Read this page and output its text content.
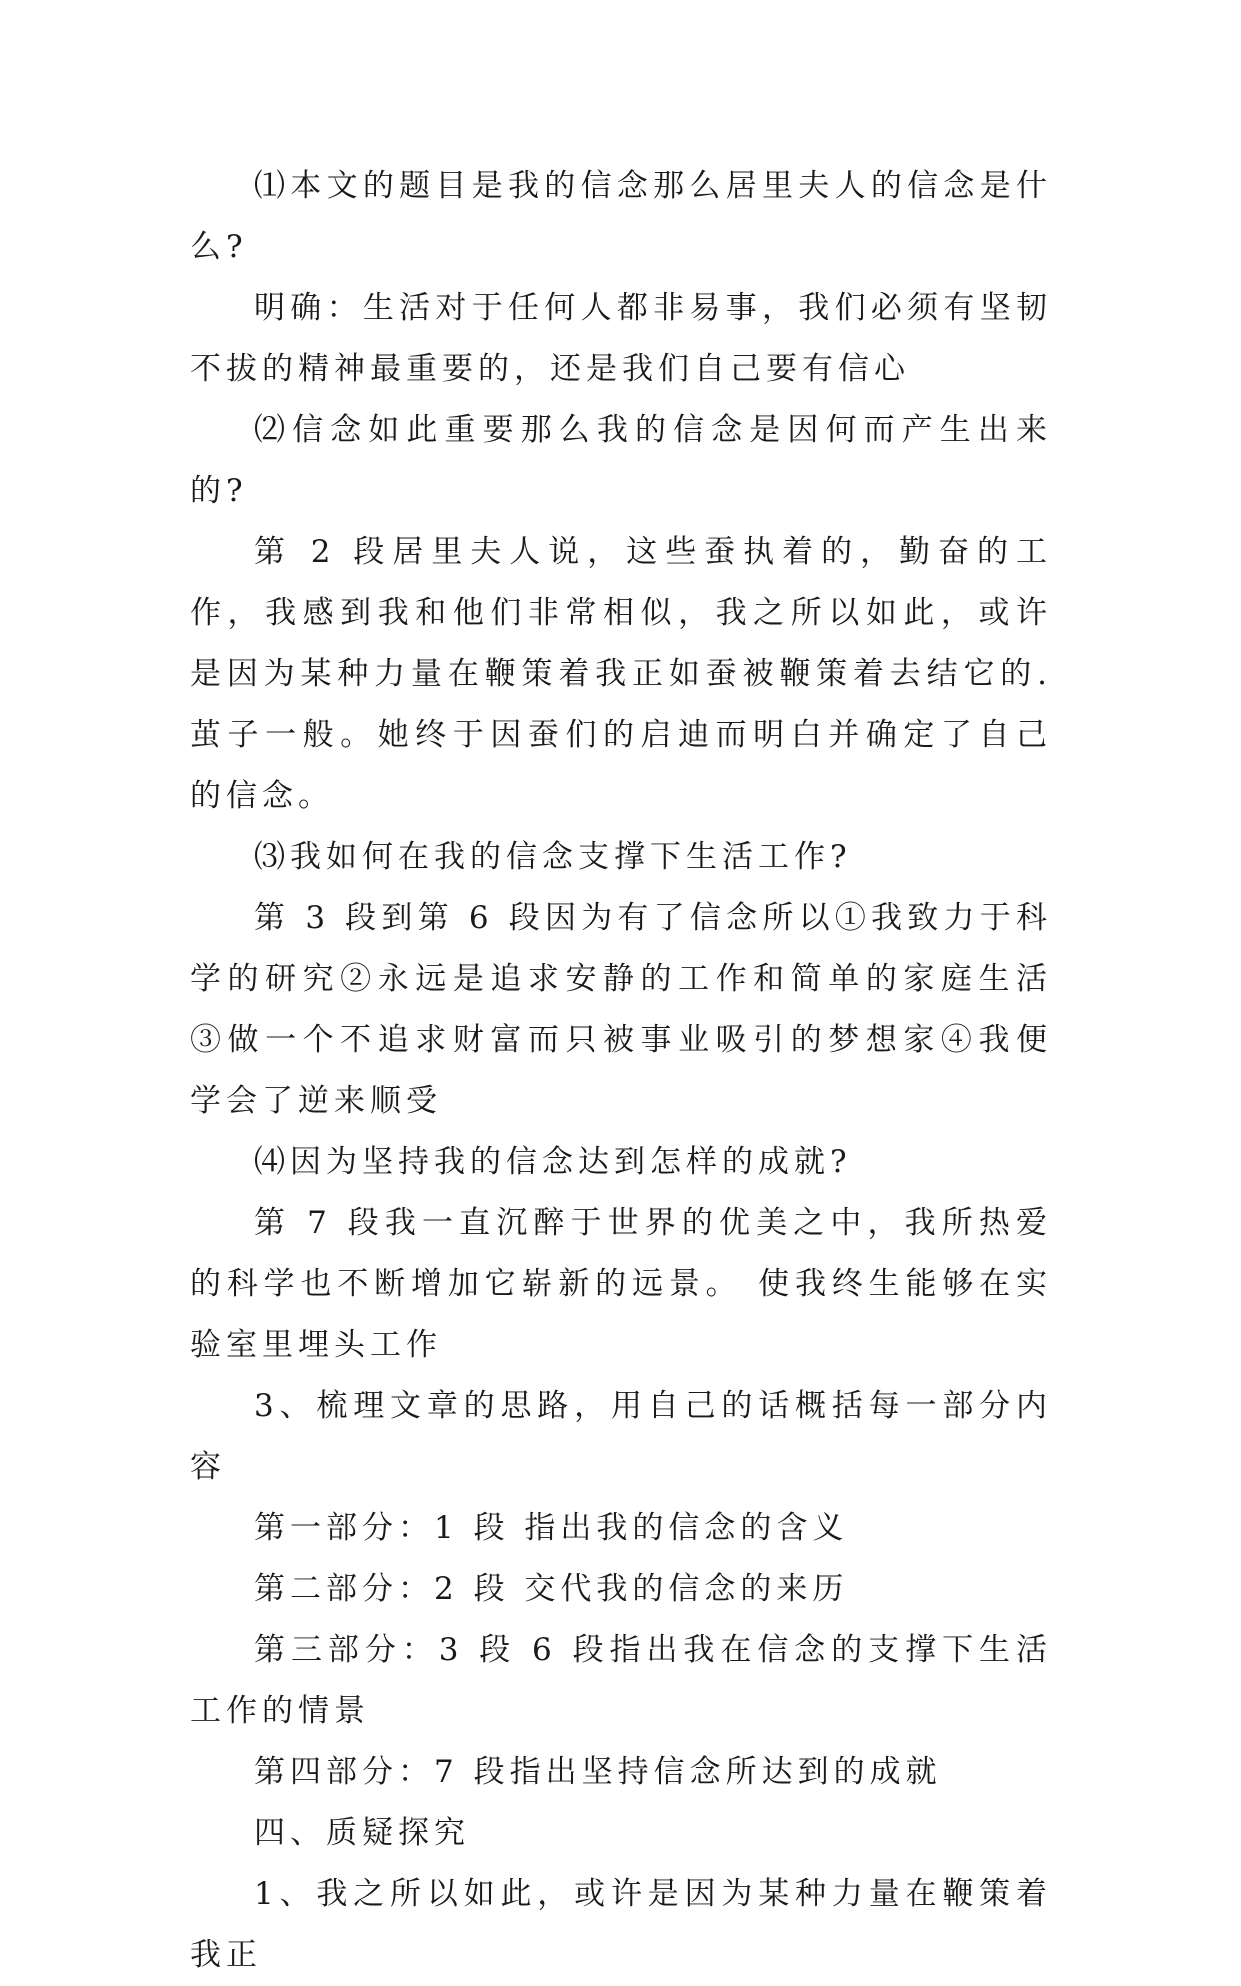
⑴本文的题目是我的信念那么居里夫人的信念是什么?

明确：生活对于任何人都非易事，我们必须有坚韧不拔的精神最重要的，还是我们自己要有信心

⑵信念如此重要那么我的信念是因何而产生出来的?

第 2 段居里夫人说，这些蚕执着的，勤奋的工作，我感到我和他们非常相似，我之所以如此，或许是因为某种力量在鞭策着我正如蚕被鞭策着去结它的.茧子一般。她终于因蚕们的启迪而明白并确定了自己的信念。

⑶我如何在我的信念支撑下生活工作?

第 3 段到第 6 段因为有了信念所以①我致力于科学的研究②永远是追求安静的工作和简单的家庭生活③做一个不追求财富而只被事业吸引的梦想家④我便学会了逆来顺受

⑷因为坚持我的信念达到怎样的成就?

第 7 段我一直沉醉于世界的优美之中，我所热爱的科学也不断增加它崭新的远景。 使我终生能够在实验室里埋头工作

3、梳理文章的思路，用自己的话概括每一部分内容

第一部分：1 段 指出我的信念的含义

第二部分：2 段 交代我的信念的来历

第三部分：3 段 6 段指出我在信念的支撑下生活工作的情景

第四部分：7 段指出坚持信念所达到的成就

四、质疑探究

1、我之所以如此，或许是因为某种力量在鞭策着我正
